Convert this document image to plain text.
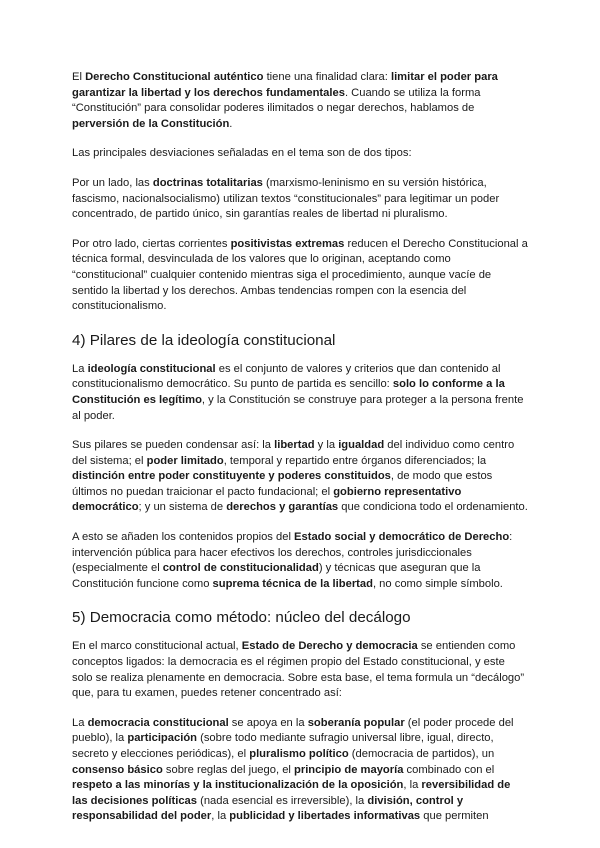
El Derecho Constitucional auténtico tiene una finalidad clara: limitar el poder para garantizar la libertad y los derechos fundamentales. Cuando se utiliza la forma “Constitución” para consolidar poderes ilimitados o negar derechos, hablamos de perversión de la Constitución.

Las principales desviaciones señaladas en el tema son de dos tipos:

Por un lado, las doctrinas totalitarias (marxismo-leninismo en su versión histórica, fascismo, nacionalsocialismo) utilizan textos “constitucionales” para legitimar un poder concentrado, de partido único, sin garantías reales de libertad ni pluralismo.

Por otro lado, ciertas corrientes positivistas extremas reducen el Derecho Constitucional a técnica formal, desvinculada de los valores que lo originan, aceptando como “constitucional” cualquier contenido mientras siga el procedimiento, aunque vacíe de sentido la libertad y los derechos. Ambas tendencias rompen con la esencia del constitucionalismo.

4) Pilares de la ideología constitucional

La ideología constitucional es el conjunto de valores y criterios que dan contenido al constitucionalismo democrático. Su punto de partida es sencillo: solo lo conforme a la Constitución es legítimo, y la Constitución se construye para proteger a la persona frente al poder.

Sus pilares se pueden condensar así: la libertad y la igualdad del individuo como centro del sistema; el poder limitado, temporal y repartido entre órganos diferenciados; la distinción entre poder constituyente y poderes constituidos, de modo que estos últimos no puedan traicionar el pacto fundacional; el gobierno representativo democrático; y un sistema de derechos y garantías que condiciona todo el ordenamiento.

A esto se añaden los contenidos propios del Estado social y democrático de Derecho: intervención pública para hacer efectivos los derechos, controles jurisdiccionales (especialmente el control de constitucionalidad) y técnicas que aseguran que la Constitución funcione como suprema técnica de la libertad, no como simple símbolo.

5) Democracia como método: núcleo del decálogo

En el marco constitucional actual, Estado de Derecho y democracia se entienden como conceptos ligados: la democracia es el régimen propio del Estado constitucional, y este solo se realiza plenamente en democracia. Sobre esta base, el tema formula un “decálogo” que, para tu examen, puedes retener concentrado así:

La democracia constitucional se apoya en la soberanía popular (el poder procede del pueblo), la participación (sobre todo mediante sufragio universal libre, igual, directo, secreto y elecciones periódicas), el pluralismo político (democracia de partidos), un consenso básico sobre reglas del juego, el principio de mayoría combinado con el respeto a las minorías y la institucionalización de la oposición, la reversibilidad de las decisiones políticas (nada esencial es irreversible), la división, control y responsabilidad del poder, la publicidad y libertades informativas que permiten
